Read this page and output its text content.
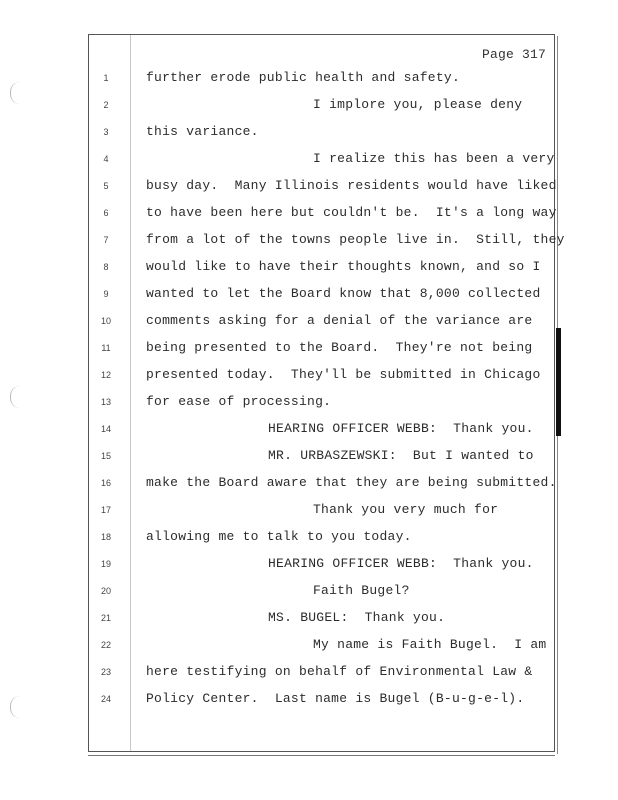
Page 317
1	further erode public health and safety.
2	I implore you, please deny
3	this variance.
4	I realize this has been a very
5	busy day.  Many Illinois residents would have liked
6	to have been here but couldn't be.  It's a long way
7	from a lot of the towns people live in.  Still, they
8	would like to have their thoughts known, and so I
9	wanted to let the Board know that 8,000 collected
10	comments asking for a denial of the variance are
11	being presented to the Board.  They're not being
12	presented today.  They'll be submitted in Chicago
13	for ease of processing.
14	HEARING OFFICER WEBB:  Thank you.
15	MR. URBASZEWSKI:  But I wanted to
16	make the Board aware that they are being submitted.
17	Thank you very much for
18	allowing me to talk to you today.
19	HEARING OFFICER WEBB:  Thank you.
20	Faith Bugel?
21	MS. BUGEL:  Thank you.
22	My name is Faith Bugel.  I am
23	here testifying on behalf of Environmental Law &
24	Policy Center.  Last name is Bugel (B-u-g-e-l).
